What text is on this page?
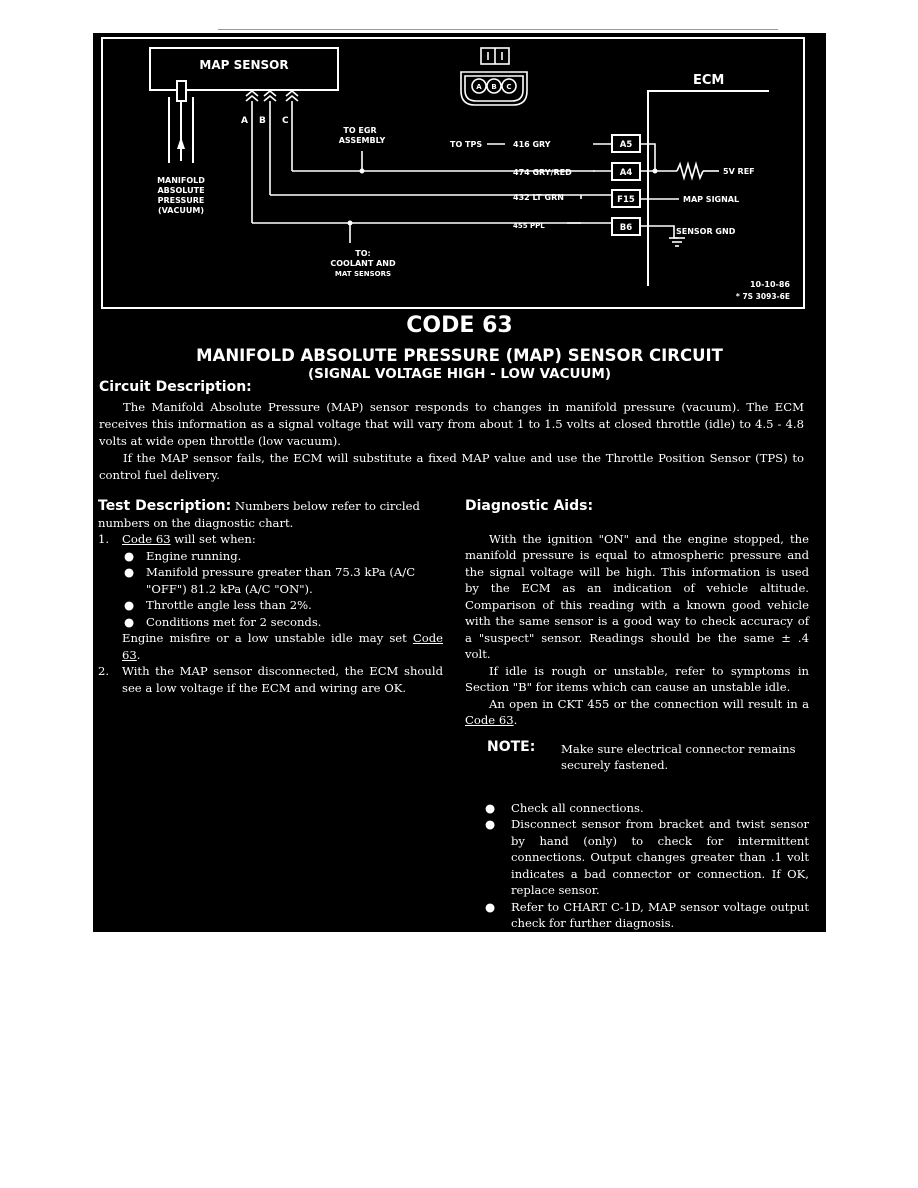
MAP SENSOR
MANIFOLD
ABSOLUTE
PRESSURE
(VACUUM)
A B C
TO EGR
ASSEMBLY
TO:
COOLANT AND
MAT SENSORS
TO TPS	416 GRY
474 GRY/RED
432 LT GRN
455 PPL
A5
A4
F15
B6
ECM
5V REF
MAP SIGNAL
SENSOR GND
A B C
10-10-86
* 7S 3093-6E
CODE 63
MANIFOLD ABSOLUTE PRESSURE (MAP) SENSOR CIRCUIT
(SIGNAL VOLTAGE HIGH - LOW VACUUM)
Circuit Description:

The Manifold Absolute Pressure (MAP) sensor responds to changes in manifold pressure (vacuum). The ECM receives this information as a signal voltage that will vary from about 1 to 1.5 volts at closed throttle (idle) to 4.5 - 4.8 volts at wide open throttle (low vacuum).

If the MAP sensor fails, the ECM will substitute a fixed MAP value and use the Throttle Position Sensor (TPS) to control fuel delivery.

Test Description: Numbers below refer to circled numbers on the diagnostic chart.
1. Code 63 will set when:
● Engine running.
● Manifold pressure greater than 75.3 kPa (A/C "OFF") 81.2 kPa (A/C "ON").
● Throttle angle less than 2%.
● Conditions met for 2 seconds.
Engine misfire or a low unstable idle may set Code 63.
2. With the MAP sensor disconnected, the ECM should see a low voltage if the ECM and wiring are OK.
Diagnostic Aids:

With the ignition "ON" and the engine stopped, the manifold pressure is equal to atmospheric pressure and the signal voltage will be high. This information is used by the ECM as an indication of vehicle altitude. Comparison of this reading with a known good vehicle with the same sensor is a good way to check accuracy of a "suspect" sensor. Readings should be the same ± .4 volt.

If idle is rough or unstable, refer to symptoms in Section "B" for items which can cause an unstable idle.

An open in CKT 455 or the connection will result in a Code 63.

NOTE: Make sure electrical connector remains securely fastened.
● Check all connections.
● Disconnect sensor from bracket and twist sensor by hand (only) to check for intermittent connections. Output changes greater than .1 volt indicates a bad connector or connection. If OK, replace sensor.
● Refer to CHART C-1D, MAP sensor voltage output check for further diagnosis.
